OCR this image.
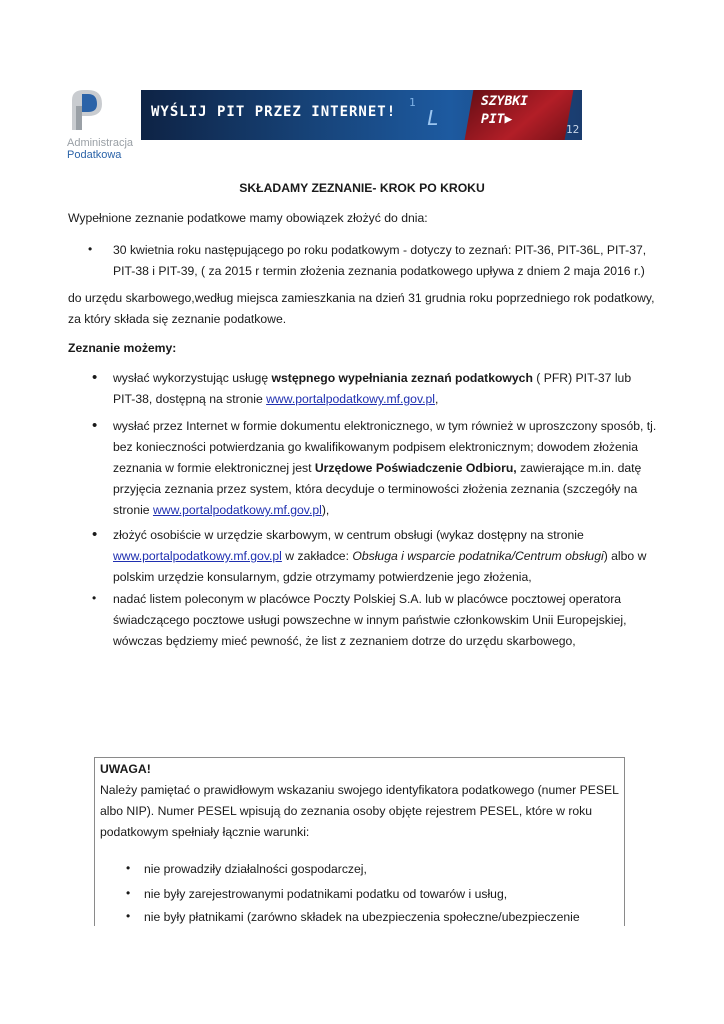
Administracja
Podatkowa
WYŚLIJ PIT PRZEZ INTERNET!
1
L
SZYBKI
PIT▶
12
SKŁADAMY ZEZNANIE- KROK PO KROKU
Wypełnione zeznanie podatkowe mamy obowiązek złożyć do dnia:
• 30 kwietnia roku następującego po roku podatkowym - dotyczy to zeznań: PIT-36, PIT-36L, PIT-37,
PIT-38 i PIT-39, ( za 2015 r termin złożenia zeznania podatkowego upływa z dniem 2 maja 2016 r.)
do urzędu skarbowego,według miejsca zamieszkania na dzień 31 grudnia roku poprzedniego rok podatkowy,
za który składa się zeznanie podatkowe.
Zeznanie możemy:
• wysłać wykorzystując usługę wstępnego wypełniania zeznań podatkowych ( PFR) PIT-37 lub
PIT-38, dostępną na stronie www.portalpodatkowy.mf.gov.pl,
• wysłać przez Internet w formie dokumentu elektronicznego, w tym również w uproszczony sposób, tj.
bez konieczności potwierdzania go kwalifikowanym podpisem elektronicznym; dowodem złożenia
zeznania w formie elektronicznej jest Urzędowe Poświadczenie Odbioru, zawierające m.in. datę
przyjęcia zeznania przez system, która decyduje o terminowości złożenia zeznania (szczegóły na
stronie www.portalpodatkowy.mf.gov.pl),
• złożyć osobiście w urzędzie skarbowym, w centrum obsługi (wykaz dostępny na stronie
www.portalpodatkowy.mf.gov.pl w zakładce: Obsługa i wsparcie podatnika/Centrum obsługi) albo w
polskim urzędzie konsularnym, gdzie otrzymamy potwierdzenie jego złożenia,
• nadać listem poleconym w placówce Poczty Polskiej S.A. lub w placówce pocztowej operatora
świadczącego pocztowe usługi powszechne w innym państwie członkowskim Unii Europejskiej,
wówczas będziemy mieć pewność, że list z zeznaniem dotrze do urzędu skarbowego,
UWAGA!
Należy pamiętać o prawidłowym wskazaniu swojego identyfikatora podatkowego (numer PESEL
albo NIP). Numer PESEL wpisują do zeznania osoby objęte rejestrem PESEL, które w roku
podatkowym spełniały łącznie warunki:
• nie prowadziły działalności gospodarczej,
• nie były zarejestrowanymi podatnikami podatku od towarów i usług,
• nie były płatnikami (zarówno składek na ubezpieczenia społeczne/ubezpieczenie
